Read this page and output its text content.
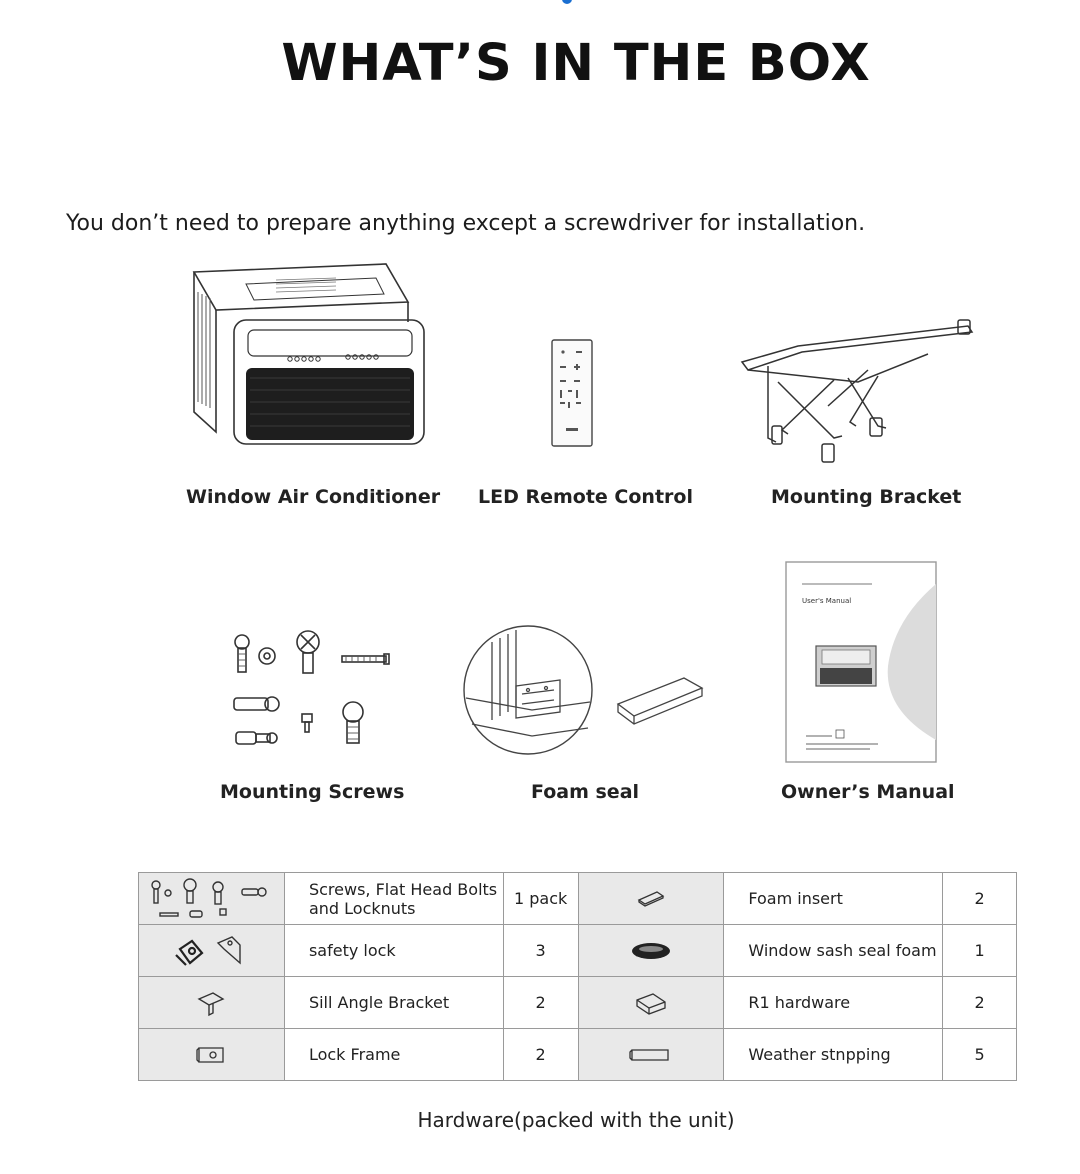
WHAT’S IN THE BOX
You don’t need to prepare anything except a screwdriver for installation.
User's Manual
Window Air Conditioner LED Remote Control	Mounting Bracket
Mounting Screws	Foam seal	Owner’s Manual
	Screws, Flat Head Bolts and Locknuts	1 pack		Foam insert	2
	safety lock	3		Window sash seal foam	1
	Sill Angle Bracket	2		R1 hardware	2
	Lock Frame	2		Weather stnpping	5
Hardware(packed with the unit)
